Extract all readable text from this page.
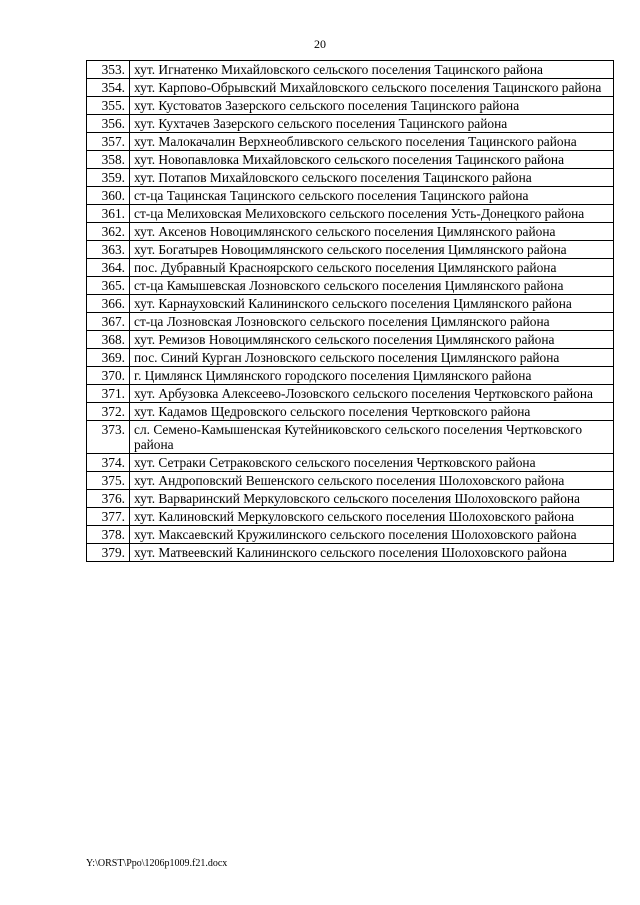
20
353.	хут. Игнатенко Михайловского сельского поселения Тацинского района
354.	хут. Карпово-Обрывский Михайловского сельского поселения Тацинского района
355.	хут. Кустоватов Зазерского сельского поселения Тацинского района
356.	хут. Кухтачев Зазерского сельского поселения Тацинского района
357.	хут. Малокачалин Верхнеобливского сельского поселения Тацинского района
358.	хут. Новопавловка Михайловского сельского поселения Тацинского района
359.	хут. Потапов Михайловского сельского поселения Тацинского района
360.	ст-ца Тацинская Тацинского сельского поселения Тацинского района
361.	ст-ца Мелиховская Мелиховского сельского поселения Усть-Донецкого района
362.	хут. Аксенов Новоцимлянского сельского поселения Цимлянского района
363.	хут. Богатырев Новоцимлянского сельского поселения Цимлянского района
364.	пос. Дубравный Красноярского сельского поселения Цимлянского района
365.	ст-ца Камышевская Лозновского сельского поселения Цимлянского района
366.	хут. Карнауховский Калининского сельского поселения Цимлянского района
367.	ст-ца Лозновская Лозновского сельского поселения Цимлянского района
368.	хут. Ремизов Новоцимлянского сельского поселения Цимлянского района
369.	пос. Синий Курган Лозновского сельского поселения Цимлянского района
370.	г. Цимлянск Цимлянского городского поселения Цимлянского района
371.	хут. Арбузовка Алексеево-Лозовского сельского поселения Чертковского района
372.	хут. Кадамов Щедровского сельского поселения Чертковского района
373.	сл. Семено-Камышенская Кутейниковского сельского поселения Чертковского района
374.	хут. Сетраки Сетраковского сельского поселения Чертковского района
375.	хут. Андроповский Вешенского сельского поселения Шолоховского района
376.	хут. Варваринский Меркуловского сельского поселения Шолоховского района
377.	хут. Калиновский Меркуловского сельского поселения Шолоховского района
378.	хут. Максаевский Кружилинского сельского поселения Шолоховского района
379.	хут. Матвеевский Калининского сельского поселения Шолоховского района
Y:\ORST\Ppo\1206p1009.f21.docx
